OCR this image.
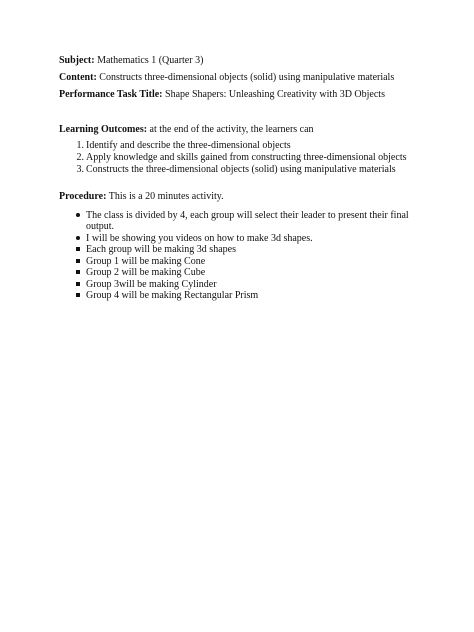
Subject: Mathematics 1 (Quarter 3)
Content: Constructs three-dimensional objects (solid) using manipulative materials
Performance Task Title: Shape Shapers: Unleashing Creativity with 3D Objects
Learning Outcomes: at the end of the activity, the learners can
1. Identify and describe the three-dimensional objects
2. Apply knowledge and skills gained from constructing three-dimensional objects
3. Constructs the three-dimensional objects (solid) using manipulative materials
Procedure: This is a 20 minutes activity.
The class is divided by 4, each group will select their leader to present their final
output.
I will be showing you videos on how to make 3d shapes.
Each group will be making 3d shapes
Group 1 will be making Cone
Group 2 will be making Cube
Group 3will be making Cylinder
Group 4 will be making Rectangular Prism
